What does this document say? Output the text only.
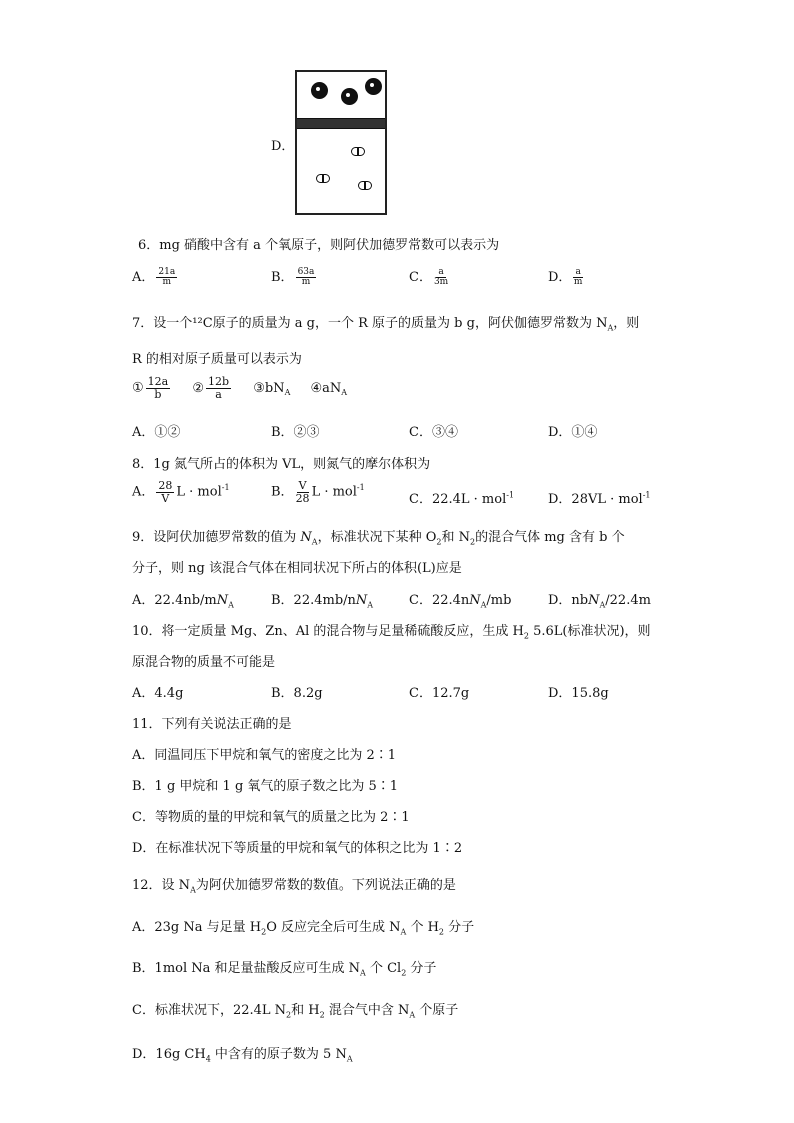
D．
6．mg 硝酸中含有 a 个氧原子，则阿伏加德罗常数可以表示为
A． $\frac{21a}{m}$	B． $\frac{63a}{m}$	C． $\frac{a}{3m}$	D． $\frac{a}{m}$
7．设一个¹²C原子的质量为 a g，一个 R 原子的质量为 b g，阿伏伽德罗常数为 $N_A$，则
R 的相对原子质量可以表示为
① $\frac{12a}{b}$ ② $\frac{12b}{a}$ $③bN_A$ $④aN_A$
A．①②	B．②③	C．③④	D．①④
8．1g 氮气所占的体积为 VL，则氮气的摩尔体积为
A． $\frac{28}{V}$ L · mol$^{-1}$	B． $\frac{V}{28}$ L · mol$^{-1}$
C．22.4L · mol$^{-1}$	D．28VL · mol$^{-1}$
9．设阿伏加德罗常数的值为 $N_A$，标准状况下某种 $O_2$和 $N_2$的混合气体 mg 含有 b 个
分子，则 ng 该混合气体在相同状况下所占的体积(L)应是
A．$22.4nb/mN_A$	B．$22.4mb/nN_A$	C．$22.4nN_A/mb$	D．nbN$_A$/22.4m
10．将一定质量 Mg、Zn、Al 的混合物与足量稀硫酸反应，生成 $H_2$ 5.6L(标准状况)，则
原混合物的质量不可能是
A．4.4g	B．8.2g	C．12.7g	D．15.8g
11．下列有关说法正确的是
A．同温同压下甲烷和氧气的密度之比为 2∶1
B．1 g 甲烷和 1 g 氧气的原子数之比为 5∶1
C．等物质的量的甲烷和氧气的质量之比为 2∶1
D．在标准状况下等质量的甲烷和氧气的体积之比为 1∶2
12．设 $N_A$为阿伏加德罗常数的数值。下列说法正确的是
A．23g Na 与足量 $H_2O$ 反应完全后可生成 $N_A$ 个 $H_2$ 分子
B．1mol Na 和足量盐酸反应可生成 $N_A$ 个 $Cl_2$ 分子
C．标准状况下，22.4L $N_2$和 $H_2$ 混合气中含 $N_A$ 个原子
D．16g $CH_4$ 中含有的原子数为 5 $N_A$
